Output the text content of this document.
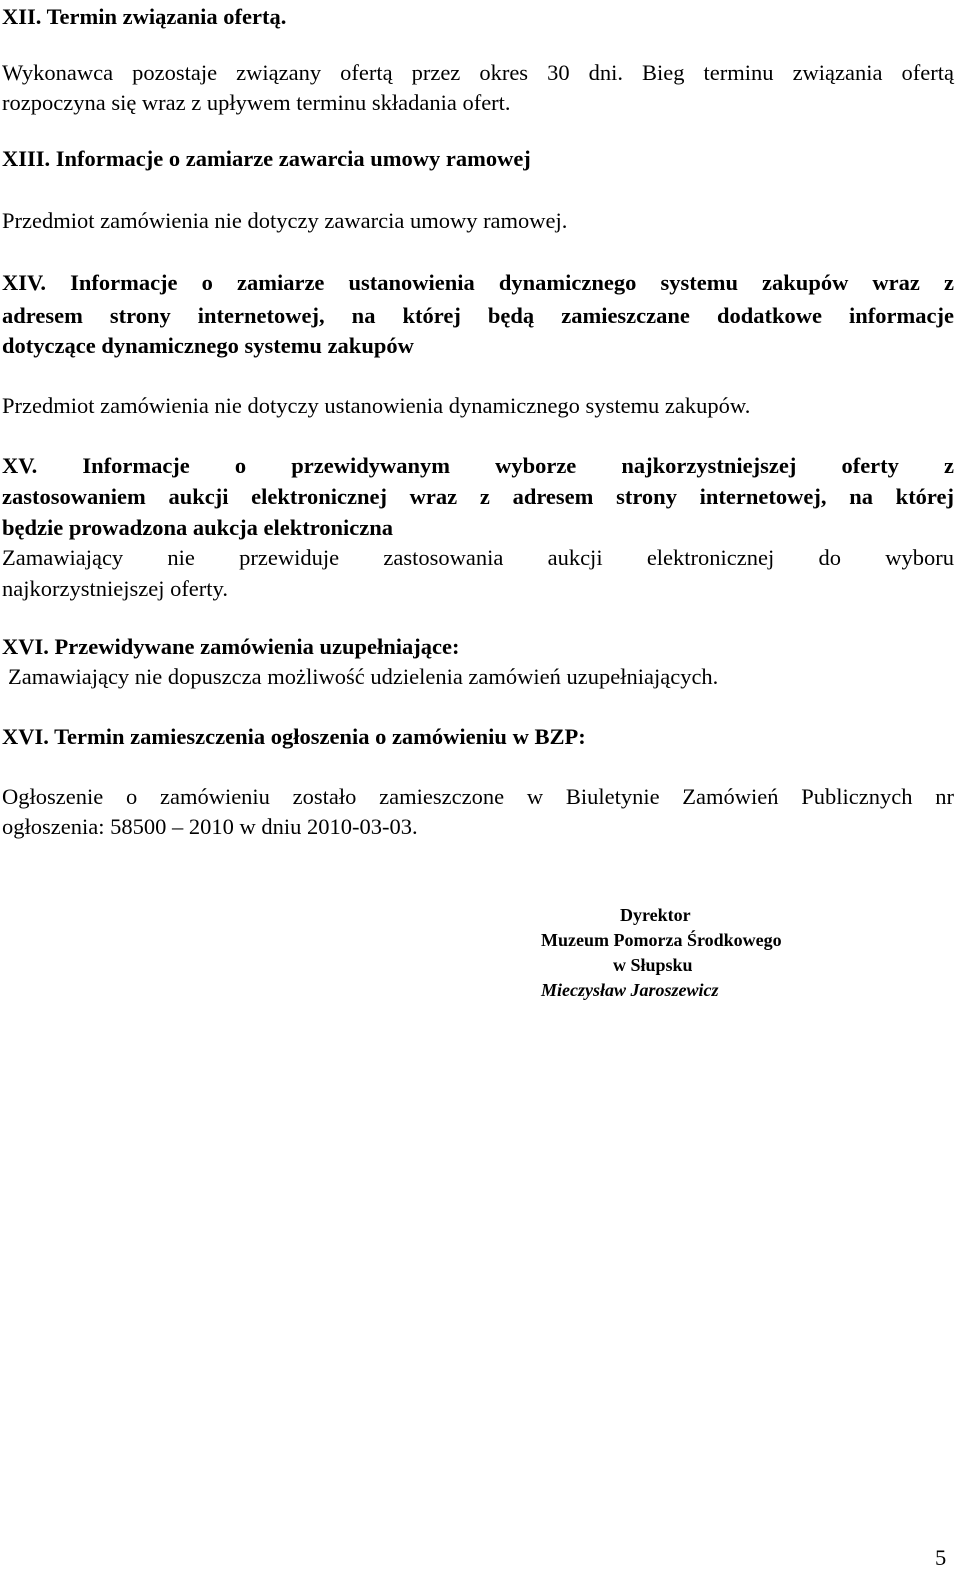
XII. Termin związania ofertą.
Wykonawca pozostaje związany ofertą przez okres 30 dni. Bieg terminu związania ofertą
rozpoczyna się wraz z upływem terminu składania ofert.
XIII. Informacje o zamiarze zawarcia umowy ramowej
Przedmiot zamówienia nie dotyczy zawarcia umowy ramowej.
XIV. Informacje o zamiarze ustanowienia dynamicznego systemu zakupów wraz z
adresem strony internetowej, na której będą zamieszczane dodatkowe informacje
dotyczące dynamicznego systemu zakupów
Przedmiot zamówienia nie dotyczy ustanowienia dynamicznego systemu zakupów.
XV. Informacje o przewidywanym wyborze najkorzystniejszej oferty z
zastosowaniem aukcji elektronicznej wraz z adresem strony internetowej, na której
będzie prowadzona aukcja elektroniczna
Zamawiający nie przewiduje zastosowania aukcji elektronicznej do wyboru
najkorzystniejszej oferty.
XVI. Przewidywane zamówienia uzupełniające:
Zamawiający nie dopuszcza możliwość udzielenia zamówień uzupełniających.
XVI. Termin zamieszczenia ogłoszenia o zamówieniu w BZP:
Ogłoszenie o zamówieniu zostało zamieszczone w Biuletynie Zamówień Publicznych nr
ogłoszenia: 58500 – 2010 w dniu 2010-03-03.
Dyrektor
Muzeum Pomorza Środkowego
w Słupsku
Mieczysław Jaroszewicz
5
